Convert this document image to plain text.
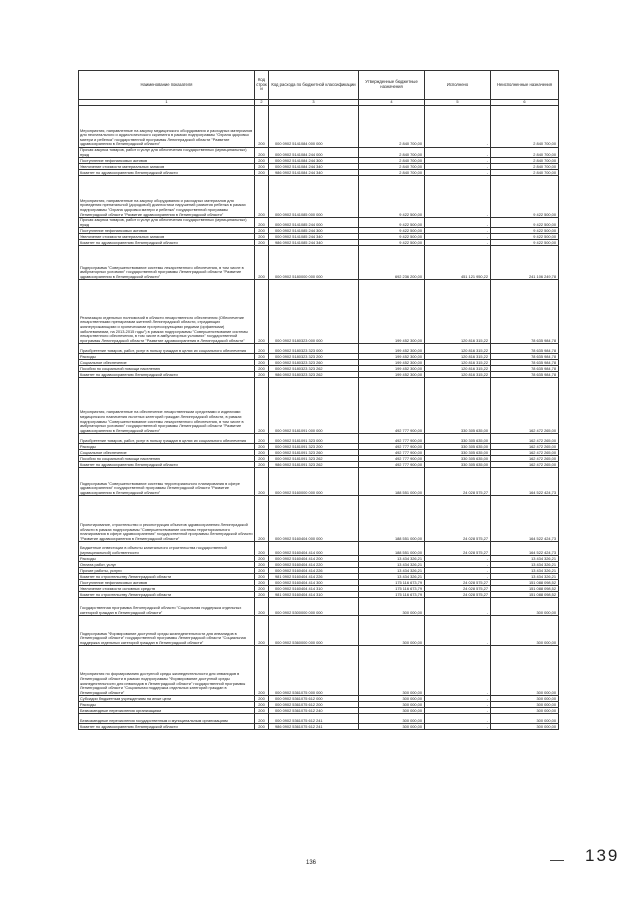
Наименование показателя	Код строк и	Код расхода по бюджетной классификации	Утвержденные бюджетные назначения	Исполнено	Неисполненные назначения
1	2	3	4	5	6
Мероприятия, направленные на закупку медицинского оборудования и расходных материалов для неонатального и аудиологического скрининга в рамках подпрограммы "Охрана здоровья матери и ребенка" государственной программы Ленинградской области "Развитие здравоохранения в Ленинградской области"	200	000 0902 5141084 000 000	2 840 700,00	-	2 840 700,00
Прочая закупка товаров, работ и услуг для обеспечения государственных (муниципальных) нужд	200	000 0902 5141084 244 000	2 840 700,00	-	2 840 700,00
Поступление нефинансовых активов	200	000 0902 5141084 244 300	2 840 700,00	-	2 840 700,00
Увеличение стоимости материальных запасов	200	000 0902 5141084 244 340	2 840 700,00	-	2 840 700,00
Комитет по здравоохранению Ленинградской области	200	986 0902 5141084 244 340	2 840 700,00	-	2 840 700,00
Мероприятия, направленные на закупку оборудования и расходных материалов для проведения пренатальной (дородовой) диагностики нарушений развития ребенка в рамках подпрограммы "Охрана здоровья матери и ребенка" государственной программы Ленинградской области "Развитие здравоохранения в Ленинградской области"	200	000 0902 5141085 000 000	9 422 500,00	-	9 422 500,00
Прочая закупка товаров, работ и услуг для обеспечения государственных (муниципальных) нужд	200	000 0902 5141085 244 000	9 422 500,00	-	9 422 500,00
Поступление нефинансовых активов	200	000 0902 5141085 244 300	9 422 500,00	-	9 422 500,00
Увеличение стоимости материальных запасов	200	000 0902 5141085 244 340	9 422 500,00	-	9 422 500,00
Комитет по здравоохранению Ленинградской области	200	986 0902 5141085 244 340	9 422 500,00	-	9 422 500,00
Подпрограмма "Совершенствование системы лекарственного обеспечения, в том числе в амбулаторных условиях" государственной программы Ленинградской области "Развитие здравоохранения в Ленинградской области"	200	000 0902 5180000 000 000	692 236 200,00	451 121 950,22	241 106 249,78
Реализация отдельных полномочий в области лекарственного обеспечения (Обеспечение лекарственными препаратами жителей Ленинградской области, страдающих жизнеугрожающими и хроническими прогрессирующими редкими (орфанными) заболеваниями, на 2013-2015 годы") в рамках подпрограммы "Совершенствование системы лекарственного обеспечения, в том числе в амбулаторных условиях" государственной программы Ленинградской области "Развитие здравоохранения в Ленинградской области"	200	000 0902 5180323 000 000	199 452 300,00	120 816 315,22	78 635 984,78
Приобретение товаров, работ, услуг в пользу граждан в целях их социального обеспечения	200	000 0902 5180323 323 000	199 452 300,00	120 816 315,22	78 635 984,78
Расходы	200	000 0902 5180323 323 200	199 452 300,00	120 816 315,22	78 635 984,78
Социальное обеспечение	200	000 0902 5180323 323 260	199 452 300,00	120 816 315,22	78 635 984,78
Пособия по социальной помощи населению	200	000 0902 5180323 323 262	199 452 300,00	120 816 315,22	78 635 984,78
Комитет по здравоохранению Ленинградской области	200	986 0902 5180323 323 262	199 452 300,00	120 816 315,22	78 635 984,78
Мероприятия, направленные на обеспечение лекарственными средствами и изделиями медицинского назначения льготных категорий граждан Ленинградской области, в рамках подпрограммы "Совершенствование системы лекарственного обеспечения, в том числе в амбулаторных условиях" государственной программы Ленинградской области "Развитие здравоохранения в Ленинградской области"	200	000 0902 5181091 000 000	492 777 900,00	330 305 635,00	162 472 265,00
Приобретение товаров, работ, услуг в пользу граждан в целях их социального обеспечения	200	000 0902 5181091 323 000	492 777 900,00	330 305 635,00	162 472 265,00
Расходы	200	000 0902 5181091 323 200	492 777 900,00	330 305 635,00	162 472 265,00
Социальное обеспечение	200	000 0902 5181091 323 260	492 777 900,00	330 305 635,00	162 472 265,00
Пособия по социальной помощи населению	200	000 0902 5181091 323 262	492 777 900,00	330 305 635,00	162 472 265,00
Комитет по здравоохранению Ленинградской области	200	986 0902 5181091 323 262	492 777 900,00	330 305 635,00	162 472 265,00
Подпрограмма "Совершенствование системы территориального планирования в сфере здравоохранения" государственной программы Ленинградской области "Развитие здравоохранения в Ленинградской области"	200	000 0902 5160000 000 000	188 551 000,00	24 028 575,27	164 522 424,73
Проектирование, строительство и реконструкция объектов здравоохранения Ленинградской области в рамках подпрограммы "Совершенствование системы территориального планирования в сфере здравоохранения" государственной программы Ленинградской области "Развитие здравоохранения в Ленинградской области"	200	000 0902 5160404 000 000	188 551 000,00	24 028 575,27	164 522 424,73
Бюджетные инвестиции в объекты капитального строительства государственной (муниципальной) собственности	200	000 0902 5160404 414 000	188 551 000,00	24 028 575,27	164 522 424,73
Расходы	200	000 0902 5160404 414 200	13 434 326,21	-	13 434 326,21
Оплата работ, услуг	200	000 0902 5160404 414 220	13 434 326,21	-	13 434 326,21
Прочие работы, услуги	200	000 0902 5160404 414 226	13 434 326,21	-	13 434 326,21
Комитет по строительству Ленинградской области	200	981 0902 5160404 414 226	13 434 326,21	-	13 434 326,21
Поступление нефинансовых активов	200	000 0902 5160404 414 300	175 116 673,79	24 028 575,27	151 088 098,52
Увеличение стоимости основных средств	200	000 0902 5160404 414 310	175 116 673,79	24 028 575,27	151 088 098,52
Комитет по строительству Ленинградской области	200	981 0902 5160404 414 310	175 116 673,79	24 028 575,27	151 088 098,52
Государственная программа Ленинградской области "Социальная поддержка отдельных категорий граждан в Ленинградской области"	200	000 0902 5300000 000 000	300 000,00	-	300 000,00
Подпрограмма "Формирование доступной среды жизнедеятельности для инвалидов в Ленинградской области" государственной программы Ленинградской области "Социальная поддержка отдельных категорий граждан в Ленинградской области"	200	000 0902 5360000 000 000	300 000,00	-	300 000,00
Мероприятия по формированию доступной среды жизнедеятельности для инвалидов в Ленинградской области в рамках подпрограммы "Формирование доступной среды жизнедеятельности для инвалидов в Ленинградской области" государственной программы Ленинградской области "Социальная поддержка отдельных категорий граждан в Ленинградской области"	200	000 0902 5361075 000 000	300 000,00	-	300 000,00
Субсидии бюджетным учреждениям на иные цели	200	000 0902 5361075 612 000	300 000,00	-	300 000,00
Расходы	200	000 0902 5361075 612 200	300 000,00	-	300 000,00
Безвозмездные перечисления организациям	200	000 0902 5361075 612 240	300 000,00	-	300 000,00
Безвозмездные перечисления государственным и муниципальным организациям	200	000 0902 5361075 612 241	300 000,00	-	300 000,00
Комитет по здравоохранению Ленинградской области	200	986 0902 5361075 612 241	300 000,00	-	300 000,00
136	139
